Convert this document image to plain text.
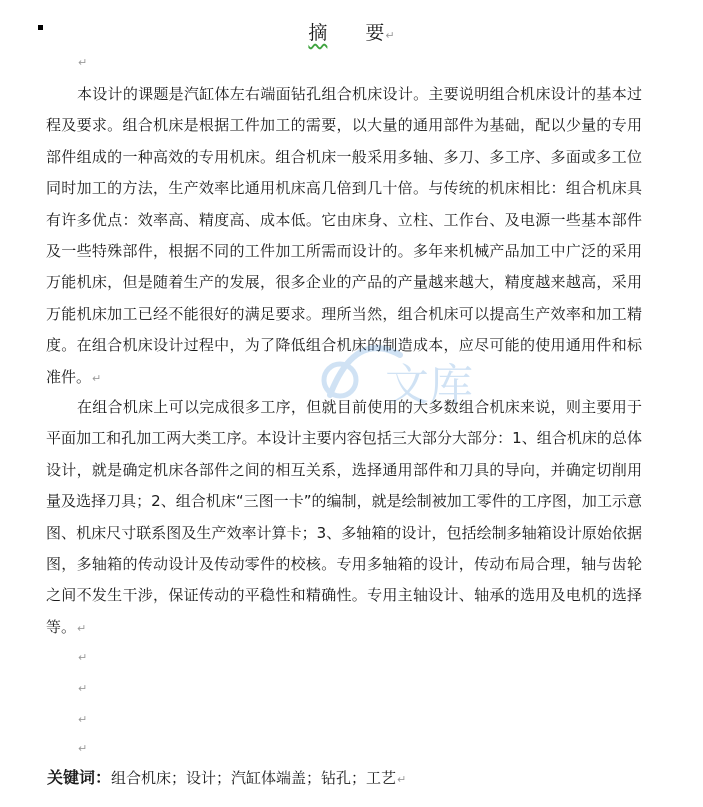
摘 要↵
↵

本设计的课题是汽缸体左右端面钻孔组合机床设计。主要说明组合机床设计的基本过程及要求。组合机床是根据工件加工的需要，以大量的通用部件为基础，配以少量的专用部件组成的一种高效的专用机床。组合机床一般采用多轴、多刀、多工序、多面或多工位同时加工的方法，生产效率比通用机床高几倍到几十倍。与传统的机床相比：组合机床具有许多优点：效率高、精度高、成本低。它由床身、立柱、工作台、及电源一些基本部件及一些特殊部件，根据不同的工件加工所需而设计的。多年来机械产品加工中广泛的采用万能机床，但是随着生产的发展，很多企业的产品的产量越来越大，精度越来越高，采用万能机床加工已经不能很好的满足要求。理所当然，组合机床可以提高生产效率和加工精度。在组合机床设计过程中，为了降低组合机床的制造成本，应尽可能的使用通用件和标准件。↵

在组合机床上可以完成很多工序，但就目前使用的大多数组合机床来说，则主要用于平面加工和孔加工两大类工序。本设计主要内容包括三大部分大部分：1、组合机床的总体设计，就是确定机床各部件之间的相互关系，选择通用部件和刀具的导向，并确定切削用量及选择刀具；2、组合机床“三图一卡”的编制，就是绘制被加工零件的工序图，加工示意图、机床尺寸联系图及生产效率计算卡；3、多轴箱的设计，包括绘制多轴箱设计原始依据图，多轴箱的传动设计及传动零件的校核。专用多轴箱的设计，传动布局合理，轴与齿轮之间不发生干涉，保证传动的平稳性和精确性。专用主轴设计、轴承的选用及电机的选择等。↵

↵
↵
↵
↵
关键词：组合机床；设计；汽缸体端盖；钻孔；工艺↵
文库
